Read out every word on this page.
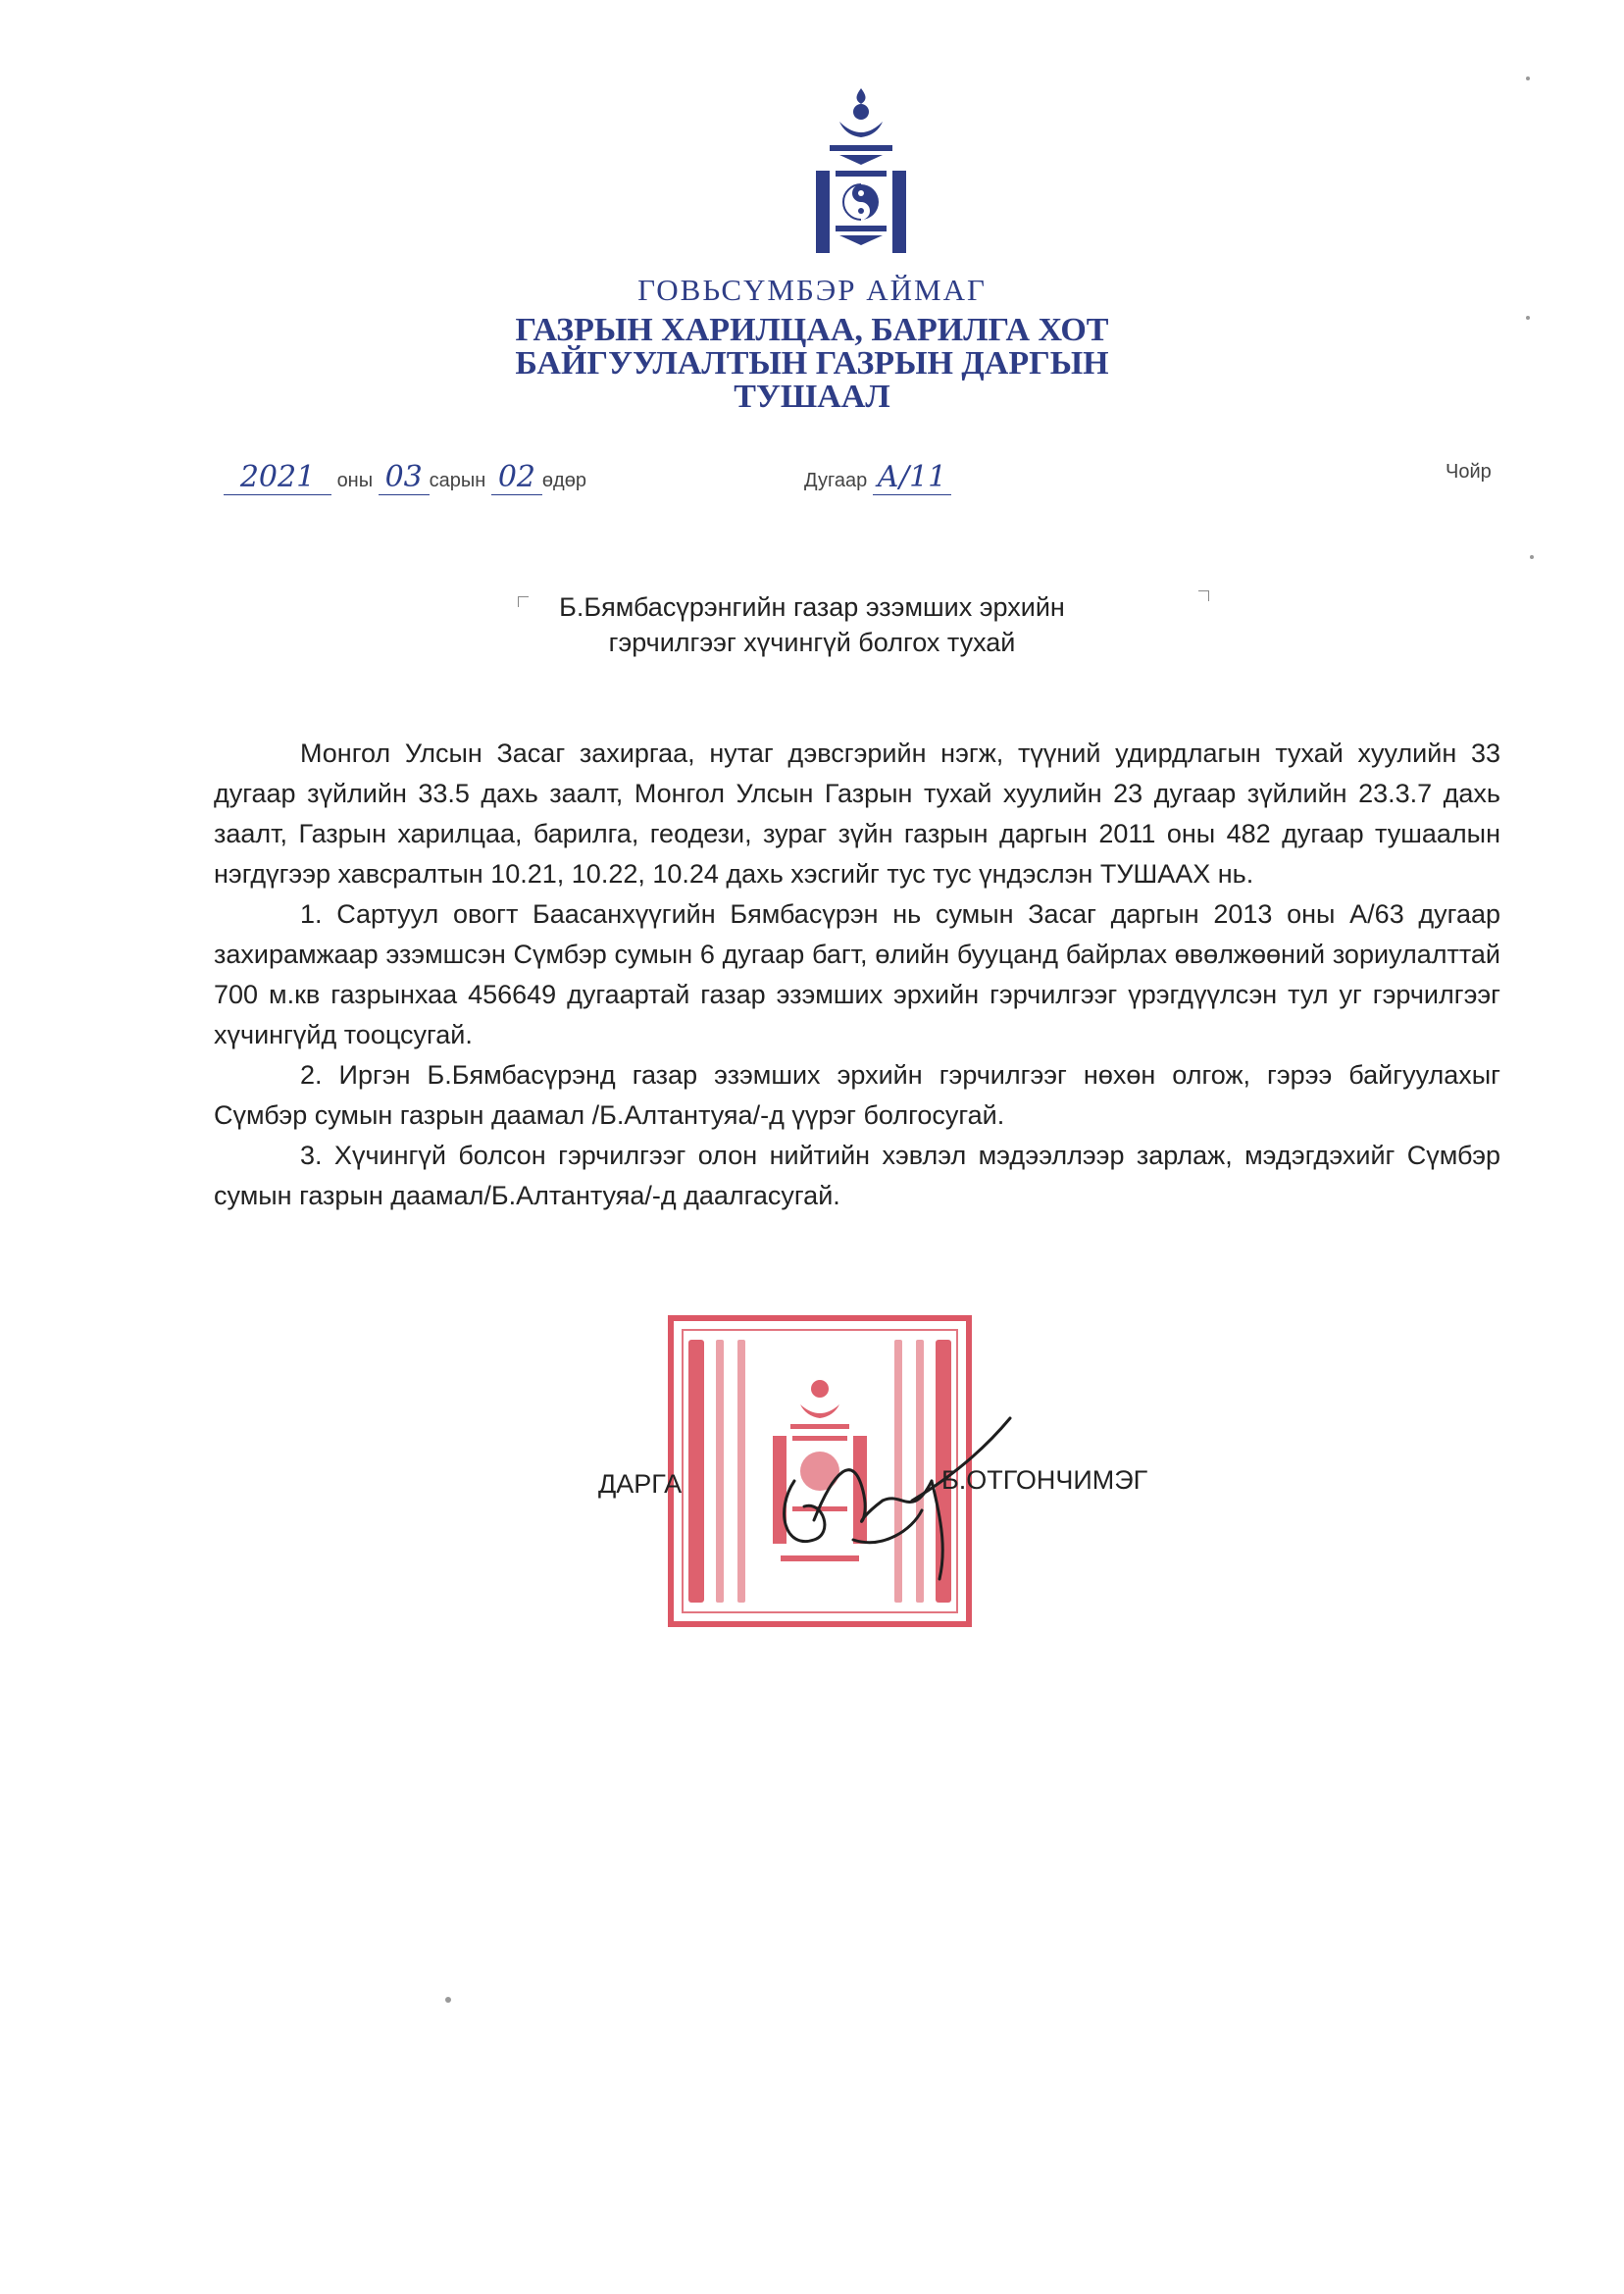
ГОВЬСҮМБЭР АЙМАГ
ГАЗРЫН ХАРИЛЦАА, БАРИЛГА ХОТ
БАЙГУУЛАЛТЫН ГАЗРЫН ДАРГЫН
ТУШААЛ
2021 оны 03 сарын 02 өдөр	Дугаар А/11	Чойр
Б.Бямбасүрэнгийн газар эзэмших эрхийн
гэрчилгээг хүчингүй болгох тухай

Монгол Улсын Засаг захиргаа, нутаг дэвсгэрийн нэгж, түүний удирдлагын тухай хуулийн 33 дугаар зүйлийн 33.5 дахь заалт, Монгол Улсын Газрын тухай хуулийн 23 дугаар зүйлийн 23.3.7 дахь заалт, Газрын харилцаа, барилга, геодези, зураг зүйн газрын даргын 2011 оны 482 дугаар тушаалын нэгдүгээр хавсралтын 10.21, 10.22, 10.24 дахь хэсгийг тус тус үндэслэн ТУШААХ нь.

1. Сартуул овогт Баасанхүүгийн Бямбасүрэн нь сумын Засаг даргын 2013 оны А/63 дугаар захирамжаар эзэмшсэн Сүмбэр сумын 6 дугаар багт, өлийн бууцанд байрлах өвөлжөөний зориулалттай 700 м.кв газрынхаа 456649 дугаартай газар эзэмших эрхийн гэрчилгээг үрэгдүүлсэн тул уг гэрчилгээг хүчингүйд тооцсугай.

2. Иргэн Б.Бямбасүрэнд газар эзэмших эрхийн гэрчилгээг нөхөн олгож, гэрээ байгуулахыг Сүмбэр сумын газрын даамал /Б.Алтантуяа/-д үүрэг болгосугай.

3. Хүчингүй болсон гэрчилгээг олон нийтийн хэвлэл мэдээллээр зарлаж, мэдэгдэхийг Сүмбэр сумын газрын даамал/Б.Алтантуяа/-д даалгасугай.

ДАРГА	Б.ОТГОНЧИМЭГ
